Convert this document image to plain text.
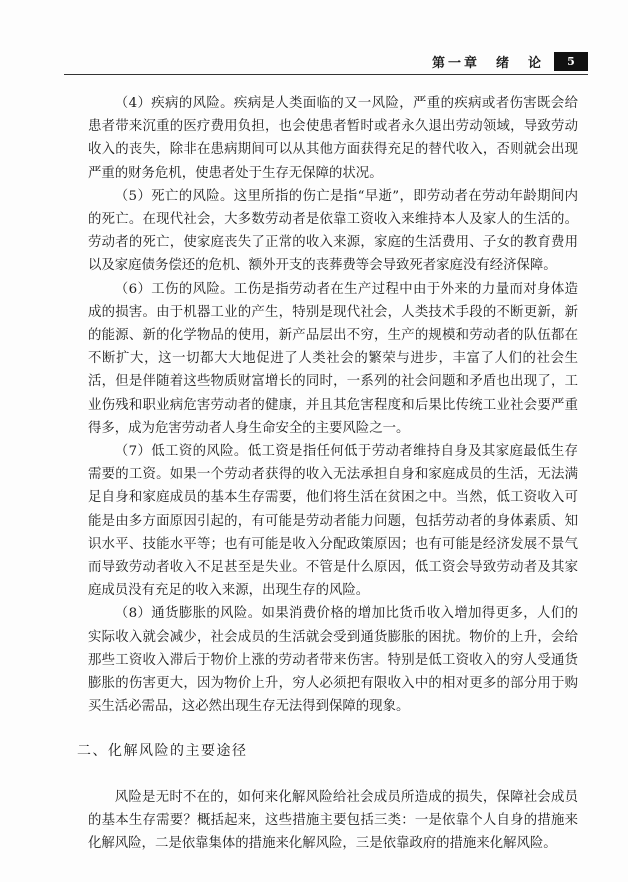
第一章　绪　论	5

（4）疾病的风险。疾病是人类面临的又一风险，严重的疾病或者伤害既会给患者带来沉重的医疗费用负担，也会使患者暂时或者永久退出劳动领域，导致劳动收入的丧失，除非在患病期间可以从其他方面获得充足的替代收入，否则就会出现严重的财务危机，使患者处于生存无保障的状况。

（5）死亡的风险。这里所指的伤亡是指“早逝”，即劳动者在劳动年龄期间内的死亡。在现代社会，大多数劳动者是依靠工资收入来维持本人及家人的生活的。劳动者的死亡，使家庭丧失了正常的收入来源，家庭的生活费用、子女的教育费用以及家庭债务偿还的危机、额外开支的丧葬费等会导致死者家庭没有经济保障。

（6）工伤的风险。工伤是指劳动者在生产过程中由于外来的力量而对身体造成的损害。由于机器工业的产生，特别是现代社会，人类技术手段的不断更新，新的能源、新的化学物品的使用，新产品层出不穷，生产的规模和劳动者的队伍都在不断扩大，这一切都大大地促进了人类社会的繁荣与进步，丰富了人们的社会生活，但是伴随着这些物质财富增长的同时，一系列的社会问题和矛盾也出现了，工业伤残和职业病危害劳动者的健康，并且其危害程度和后果比传统工业社会要严重得多，成为危害劳动者人身生命安全的主要风险之一。

（7）低工资的风险。低工资是指任何低于劳动者维持自身及其家庭最低生存需要的工资。如果一个劳动者获得的收入无法承担自身和家庭成员的生活，无法满足自身和家庭成员的基本生存需要，他们将生活在贫困之中。当然，低工资收入可能是由多方面原因引起的，有可能是劳动者能力问题，包括劳动者的身体素质、知识水平、技能水平等；也有可能是收入分配政策原因；也有可能是经济发展不景气而导致劳动者收入不足甚至是失业。不管是什么原因，低工资会导致劳动者及其家庭成员没有充足的收入来源，出现生存的风险。

（8）通货膨胀的风险。如果消费价格的增加比货币收入增加得更多，人们的实际收入就会减少，社会成员的生活就会受到通货膨胀的困扰。物价的上升，会给那些工资收入滞后于物价上涨的劳动者带来伤害。特别是低工资收入的穷人受通货膨胀的伤害更大，因为物价上升，穷人必须把有限收入中的相对更多的部分用于购买生活必需品，这必然出现生存无法得到保障的现象。

二、化解风险的主要途径

风险是无时不在的，如何来化解风险给社会成员所造成的损失，保障社会成员的基本生存需要？概括起来，这些措施主要包括三类：一是依靠个人自身的措施来化解风险，二是依靠集体的措施来化解风险，三是依靠政府的措施来化解风险。
